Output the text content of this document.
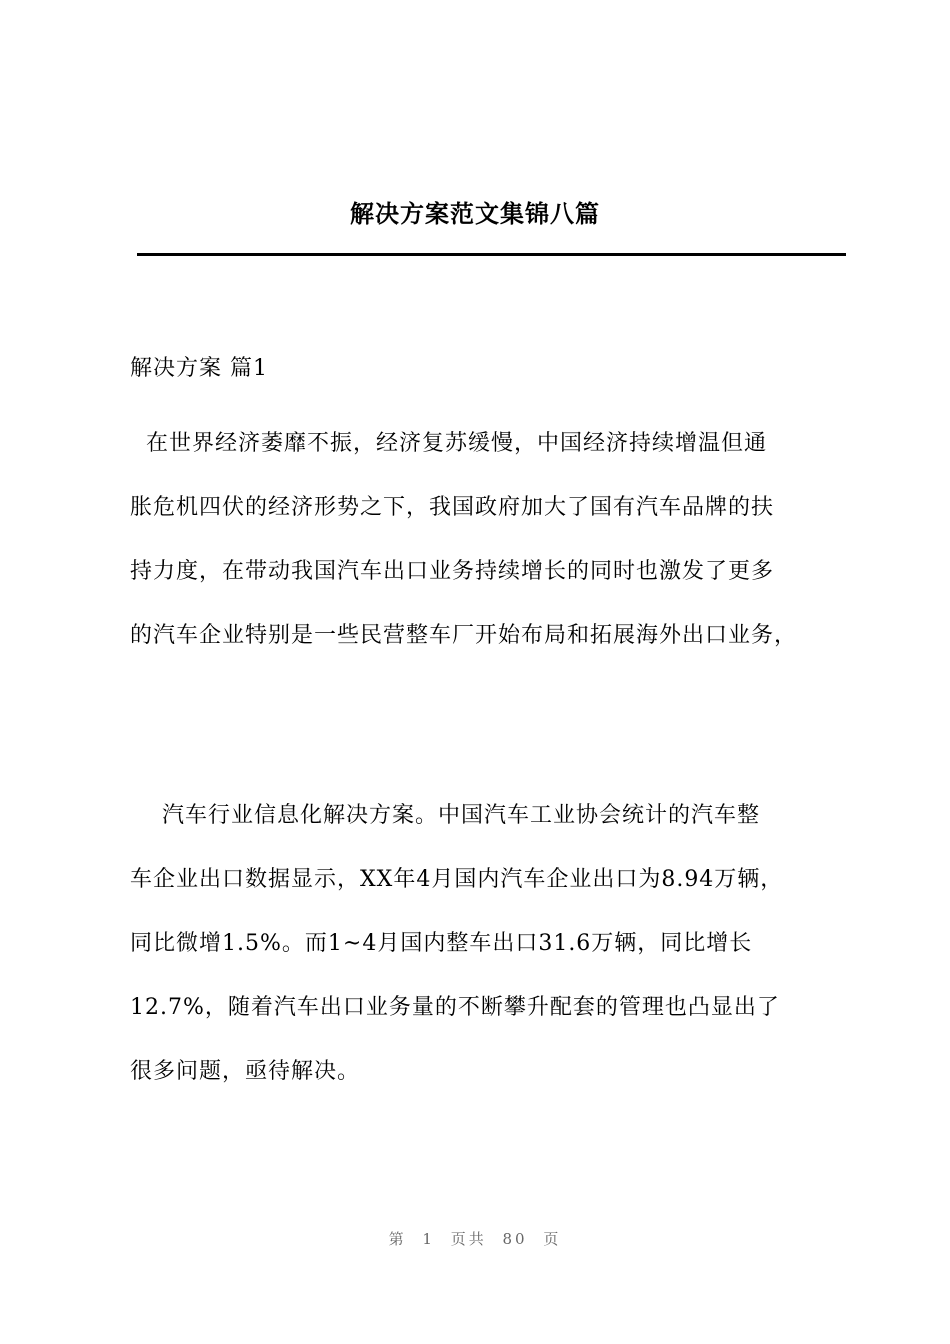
解决方案范文集锦八篇
解决方案 篇1
在世界经济萎靡不振，经济复苏缓慢，中国经济持续增温但通
胀危机四伏的经济形势之下，我国政府加大了国有汽车品牌的扶
持力度，在带动我国汽车出口业务持续增长的同时也激发了更多
的汽车企业特别是一些民营整车厂开始布局和拓展海外出口业务，
汽车行业信息化解决方案。中国汽车工业协会统计的汽车整
车企业出口数据显示，XX年4月国内汽车企业出口为8.94万辆，
同比微增1.5%。而1~4月国内整车出口31.6万辆，同比增长
12.7%，随着汽车出口业务量的不断攀升配套的管理也凸显出了
很多问题，亟待解决。
第 1 页共 80 页
